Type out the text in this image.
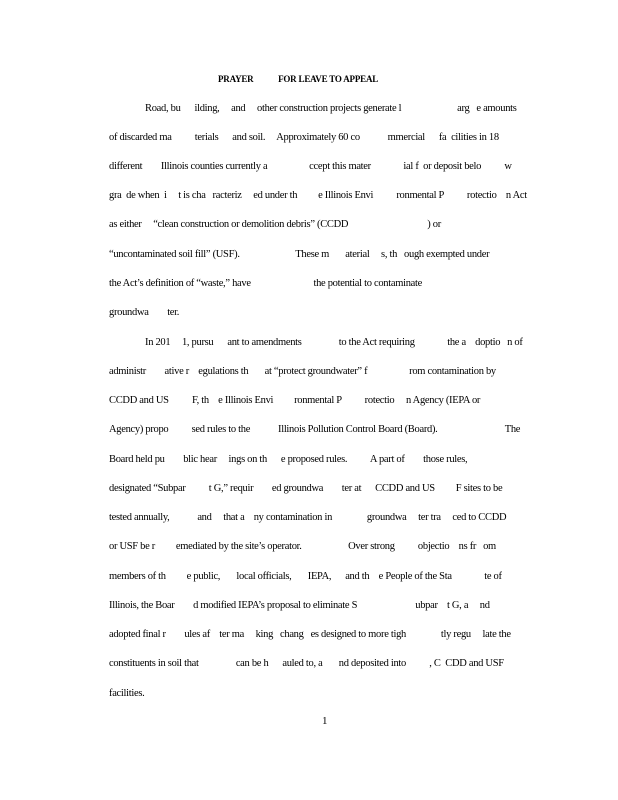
PRAYER            FOR LEAVE TO APPEAL
Road, bu      ilding,     and     other construction projects generate l                        arg   e amounts
of discarded ma          terials      and soil.     Approximately 60 co            mmercial      fa  cilities in 18
different        Illinois counties currently a                  ccept this mater              ial f  or deposit belo          w
gra  de when  i     t is cha   racteriz     ed under th         e Illinois Envi          ronmental P          rotectio    n Act
as either     “clean construction or demolition debris” (CCDD                                  ) or
“uncontaminated soil fill” (USF).                        These m       aterial     s, th   ough exempted under
the Act’s definition of “waste,” have                           the potential to contaminate
groundwa        ter.
In 201     1, pursu      ant to amendments                to the Act requiring              the a    doptio   n of
administr        ative r    egulations th       at “protect groundwater” f                  rom contamination by
CCDD and US          F, th    e Illinois Envi         ronmental P          rotectio     n Agency (IEPA or
Agency) propo          sed rules to the            Illinois Pollution Control Board (Board).                             The
Board held pu        blic hear     ings on th      e proposed rules.          A part of        those rules,
designated “Subpar          t G,” requir        ed groundwa        ter at      CCDD and US         F sites to be
tested annually,            and     that a    ny contamination in               groundwa     ter tra     ced to CCDD
or USF be r         emediated by the site’s operator.                    Over strong          objectio    ns fr   om
members of th         e public,       local officials,       IEPA,      and th    e People of the Sta              te of
Illinois, the Boar        d modified IEPA’s proposal to eliminate S                         ubpar    t G, a     nd
adopted final r        ules af    ter ma     king   chang   es designed to more tigh               tly regu     late the
constituents in soil that                can be h      auled to, a       nd deposited into          , C  CDD and USF
facilities.
1
